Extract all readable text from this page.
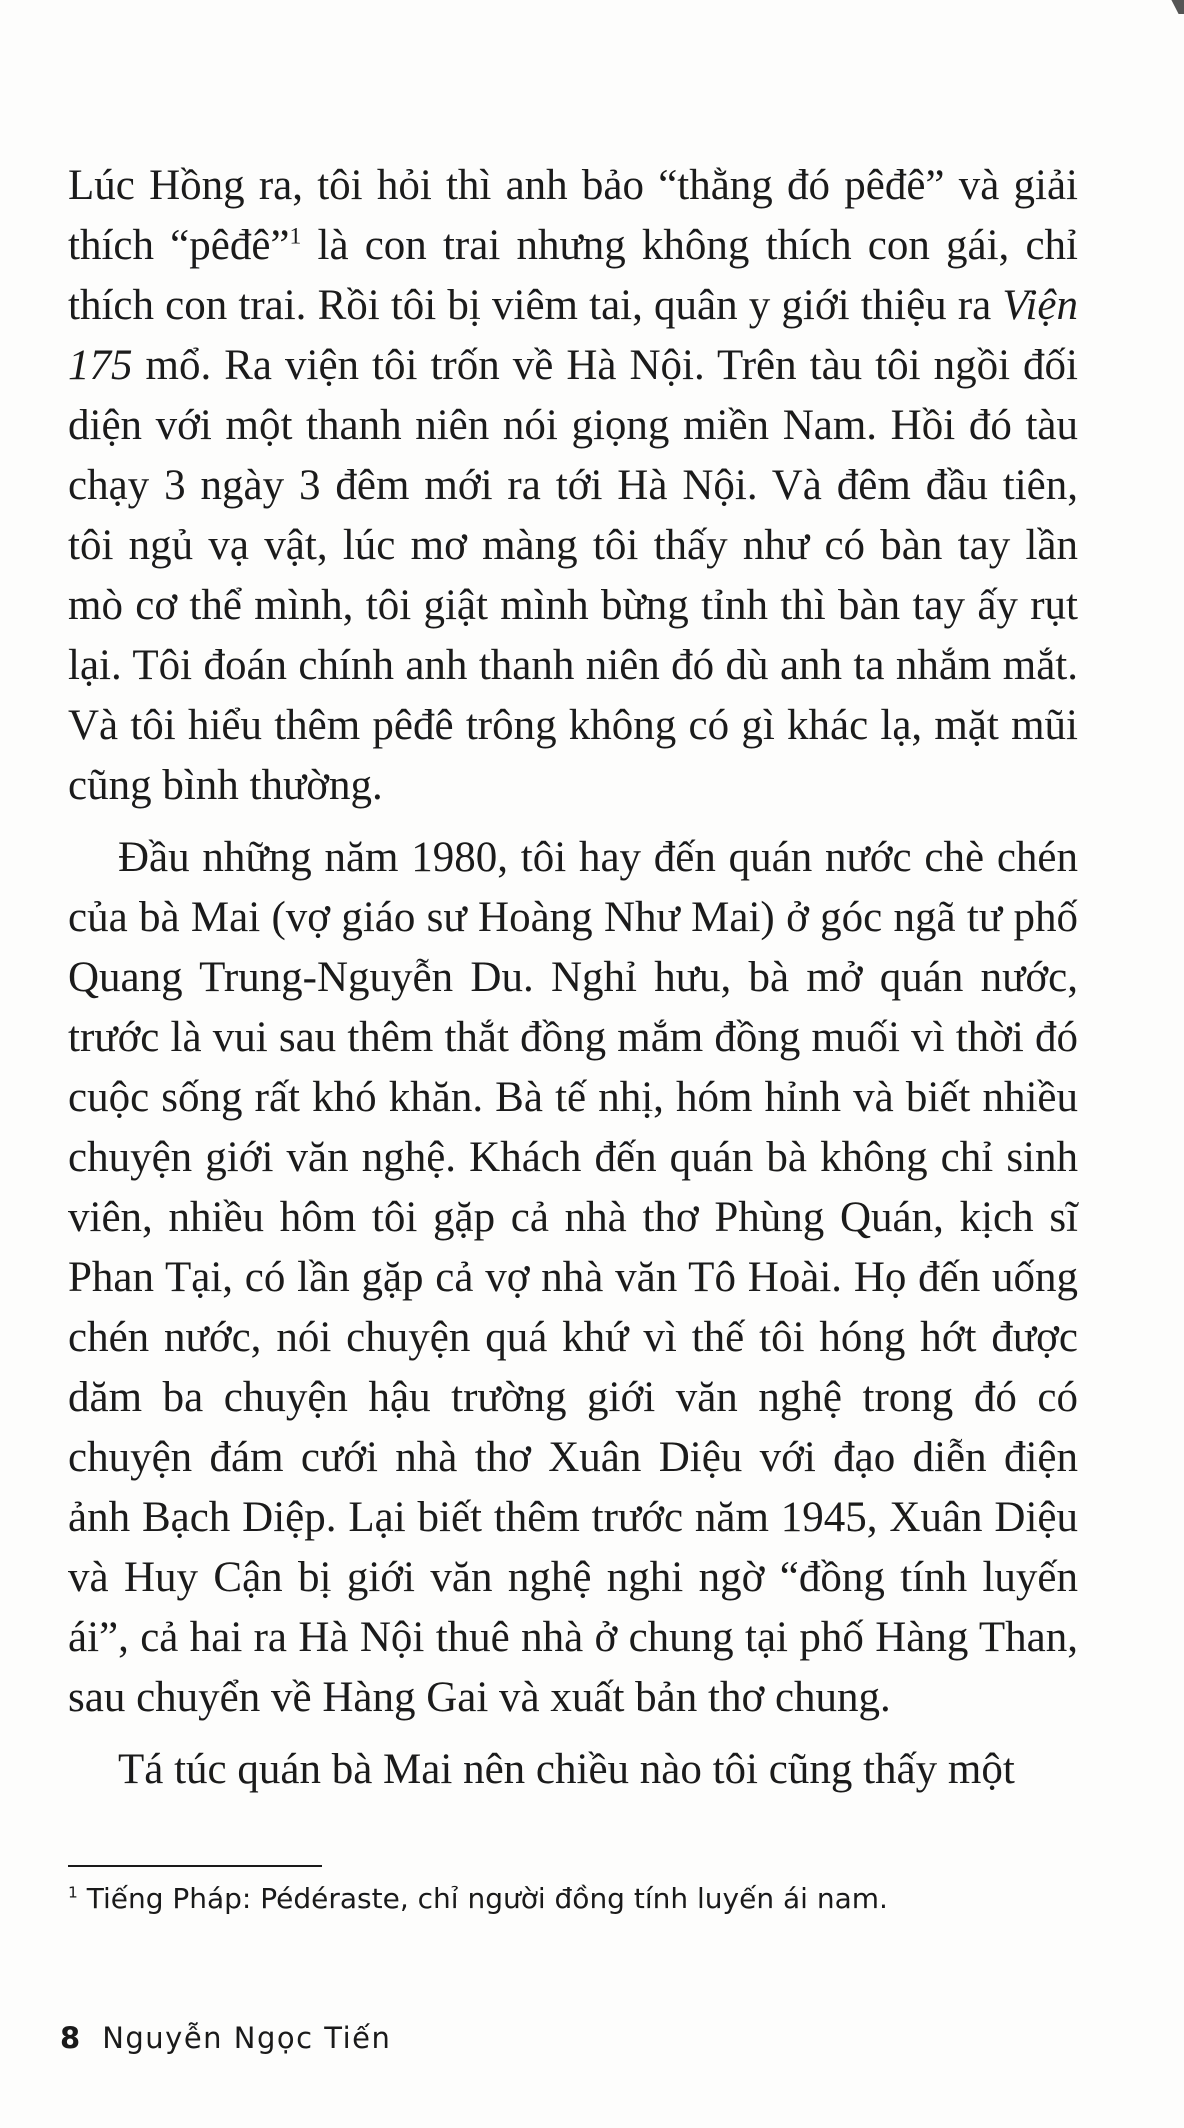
Lúc Hồng ra, tôi hỏi thì anh bảo “thằng đó pêđê” và giải thích “pêđê”$^1$ là con trai nhưng không thích con gái, chỉ thích con trai. Rồi tôi bị viêm tai, quân y giới thiệu ra Viện 175 mổ. Ra viện tôi trốn về Hà Nội. Trên tàu tôi ngồi đối diện với một thanh niên nói giọng miền Nam. Hồi đó tàu chạy 3 ngày 3 đêm mới ra tới Hà Nội. Và đêm đầu tiên, tôi ngủ vạ vật, lúc mơ màng tôi thấy như có bàn tay lần mò cơ thể mình, tôi giật mình bừng tỉnh thì bàn tay ấy rụt lại. Tôi đoán chính anh thanh niên đó dù anh ta nhắm mắt. Và tôi hiểu thêm pêđê trông không có gì khác lạ, mặt mũi cũng bình thường.

Đầu những năm 1980, tôi hay đến quán nước chè chén của bà Mai (vợ giáo sư Hoàng Như Mai) ở góc ngã tư phố Quang Trung-Nguyễn Du. Nghỉ hưu, bà mở quán nước, trước là vui sau thêm thắt đồng mắm đồng muối vì thời đó cuộc sống rất khó khăn. Bà tế nhị, hóm hỉnh và biết nhiều chuyện giới văn nghệ. Khách đến quán bà không chỉ sinh viên, nhiều hôm tôi gặp cả nhà thơ Phùng Quán, kịch sĩ Phan Tại, có lần gặp cả vợ nhà văn Tô Hoài. Họ đến uống chén nước, nói chuyện quá khứ vì thế tôi hóng hớt được dăm ba chuyện hậu trường giới văn nghệ trong đó có chuyện đám cưới nhà thơ Xuân Diệu với đạo diễn điện ảnh Bạch Diệp. Lại biết thêm trước năm 1945, Xuân Diệu và Huy Cận bị giới văn nghệ nghi ngờ “đồng tính luyến ái”, cả hai ra Hà Nội thuê nhà ở chung tại phố Hàng Than, sau chuyển về Hàng Gai và xuất bản thơ chung.

Tá túc quán bà Mai nên chiều nào tôi cũng thấy một

$^1$ Tiếng Pháp: Pédéraste, chỉ người đồng tính luyến ái nam.
8 Nguyễn Ngọc Tiến
